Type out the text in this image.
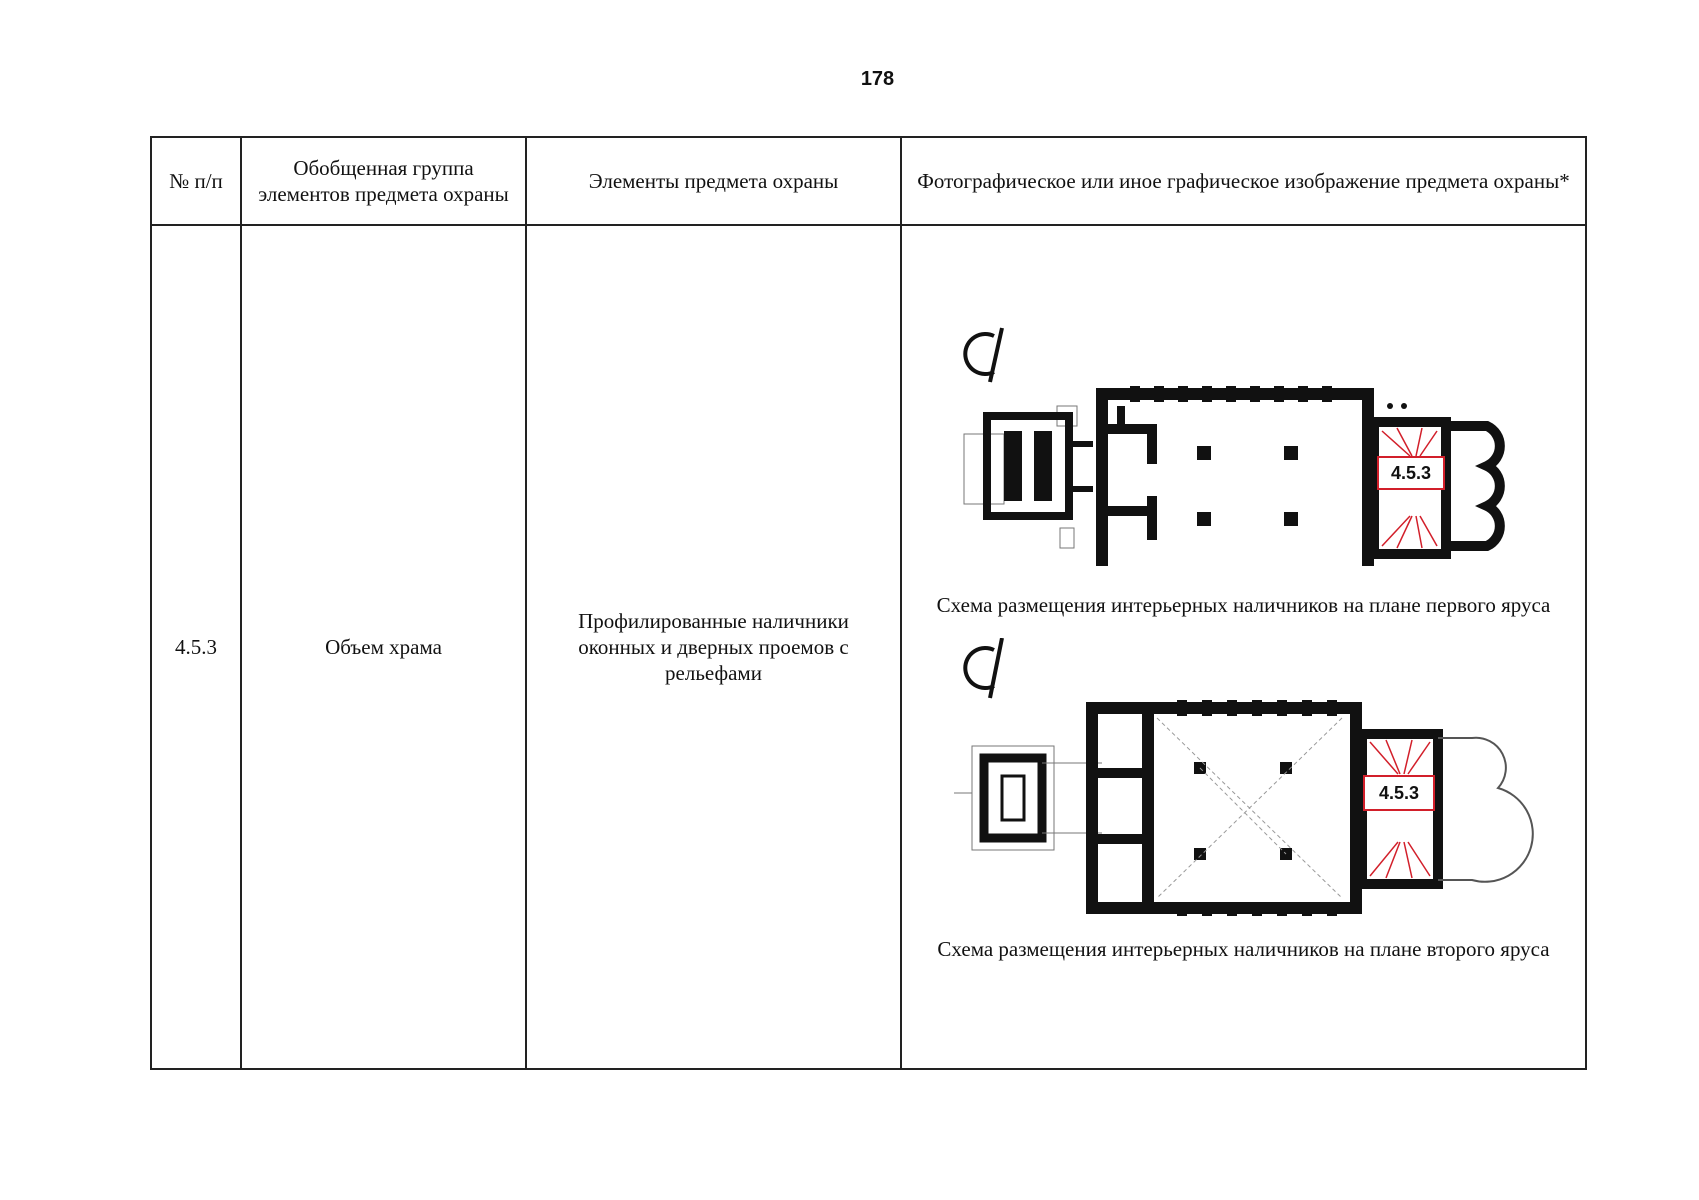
178
№ п/п
Обобщенная группа элементов предмета охраны
Элементы предмета охраны	Фотографическое или иное графическое изображение предмета охраны*
4.5.3	Объем храма
Профилированные наличники оконных и дверных проемов с рельефами
4.5.3
Схема размещения интерьерных наличников на плане первого яруса
4.5.3
Схема размещения интерьерных наличников на плане второго яруса
